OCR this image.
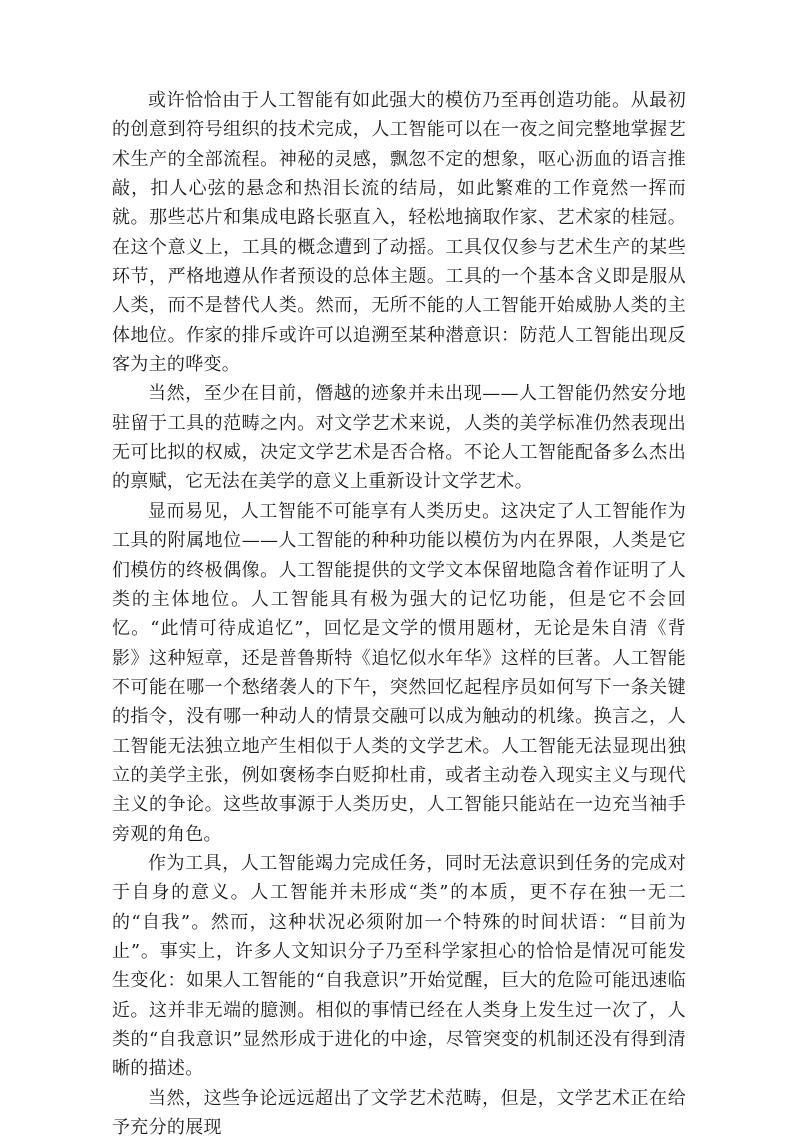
或许恰恰由于人工智能有如此强大的模仿乃至再创造功能。从最初的创意到符号组织的技术完成，人工智能可以在一夜之间完整地掌握艺术生产的全部流程。神秘的灵感，飘忽不定的想象，呕心沥血的语言推敲，扣人心弦的悬念和热泪长流的结局，如此繁难的工作竟然一挥而就。那些芯片和集成电路长驱直入，轻松地摘取作家、艺术家的桂冠。在这个意义上，工具的概念遭到了动摇。工具仅仅参与艺术生产的某些环节，严格地遵从作者预设的总体主题。工具的一个基本含义即是服从人类，而不是替代人类。然而，无所不能的人工智能开始威胁人类的主体地位。作家的排斥或许可以追溯至某种潜意识：防范人工智能出现反客为主的哗变。

当然，至少在目前，僭越的迹象并未出现——人工智能仍然安分地驻留于工具的范畴之内。对文学艺术来说，人类的美学标准仍然表现出无可比拟的权威，决定文学艺术是否合格。不论人工智能配备多么杰出的禀赋，它无法在美学的意义上重新设计文学艺术。

显而易见，人工智能不可能享有人类历史。这决定了人工智能作为工具的附属地位——人工智能的种种功能以模仿为内在界限，人类是它们模仿的终极偶像。人工智能提供的文学文本保留地隐含着作证明了人类的主体地位。人工智能具有极为强大的记忆功能，但是它不会回忆。“此情可待成追忆”，回忆是文学的惯用题材，无论是朱自清《背影》这种短章，还是普鲁斯特《追忆似水年华》这样的巨著。人工智能不可能在哪一个愁绪袭人的下午，突然回忆起程序员如何写下一条关键的指令，没有哪一种动人的情景交融可以成为触动的机缘。换言之，人工智能无法独立地产生相似于人类的文学艺术。人工智能无法显现出独立的美学主张，例如褒杨李白贬抑杜甫，或者主动卷入现实主义与现代主义的争论。这些故事源于人类历史，人工智能只能站在一边充当袖手旁观的角色。

作为工具，人工智能竭力完成任务，同时无法意识到任务的完成对于自身的意义。人工智能并未形成“类”的本质，更不存在独一无二的“自我”。然而，这种状况必须附加一个特殊的时间状语：“目前为止”。事实上，许多人文知识分子乃至科学家担心的恰恰是情况可能发生变化：如果人工智能的“自我意识”开始觉醒，巨大的危险可能迅速临近。这并非无端的臆测。相似的事情已经在人类身上发生过一次了，人类的“自我意识”显然形成于进化的中途，尽管突变的机制还没有得到清晰的描述。

当然，这些争论远远超出了文学艺术范畴，但是，文学艺术正在给予充分的展现
